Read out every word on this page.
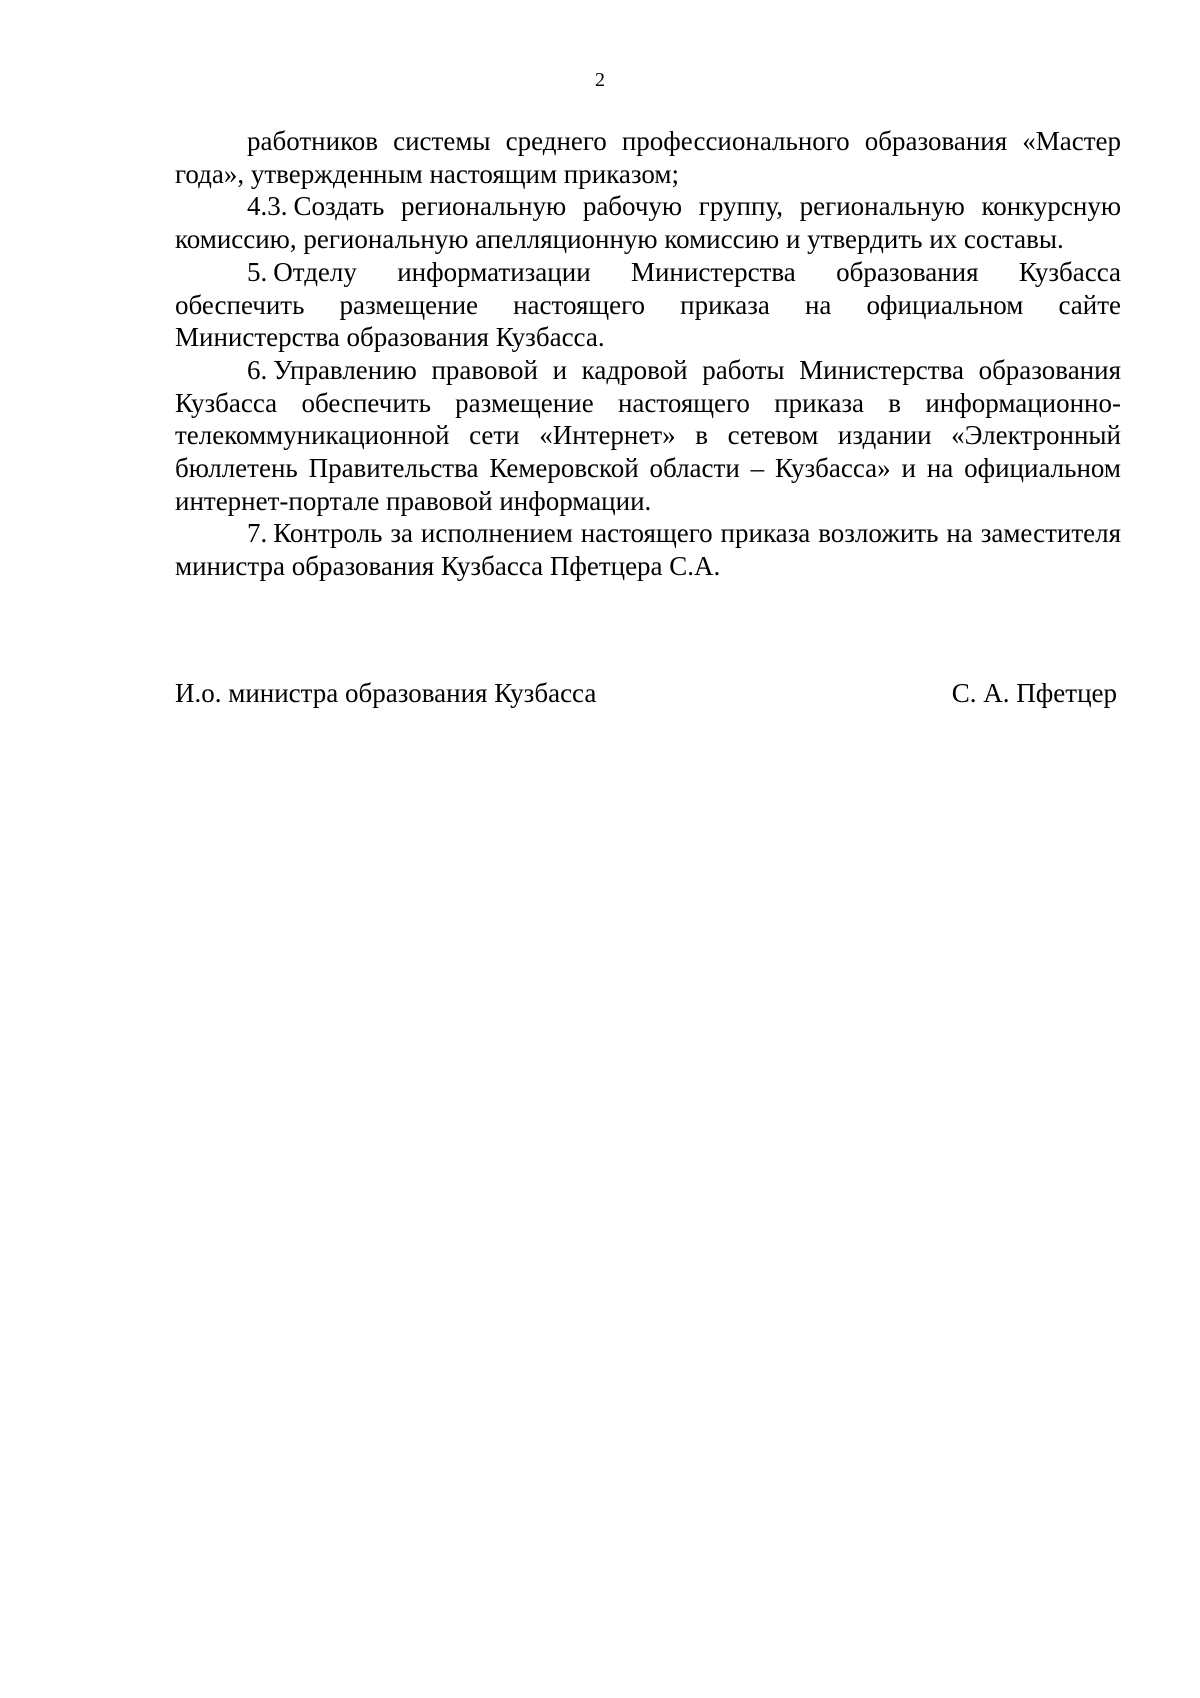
2

работников системы среднего профессионального образования «Мастер года», утвержденным настоящим приказом;

4.3. Создать региональную рабочую группу, региональную конкурсную комиссию, региональную апелляционную комиссию и утвердить их составы.

5. Отделу информатизации Министерства образования Кузбасса обеспечить размещение настоящего приказа на официальном сайте Министерства образования Кузбасса.

6. Управлению правовой и кадровой работы Министерства образования Кузбасса обеспечить размещение настоящего приказа в информационно-телекоммуникационной сети «Интернет» в сетевом издании «Электронный бюллетень Правительства Кемеровской области – Кузбасса» и на официальном интернет-портале правовой информации.

7. Контроль за исполнением настоящего приказа возложить на заместителя министра образования Кузбасса Пфетцера С.А.

И.о. министра образования Кузбасса	С. А. Пфетцер
